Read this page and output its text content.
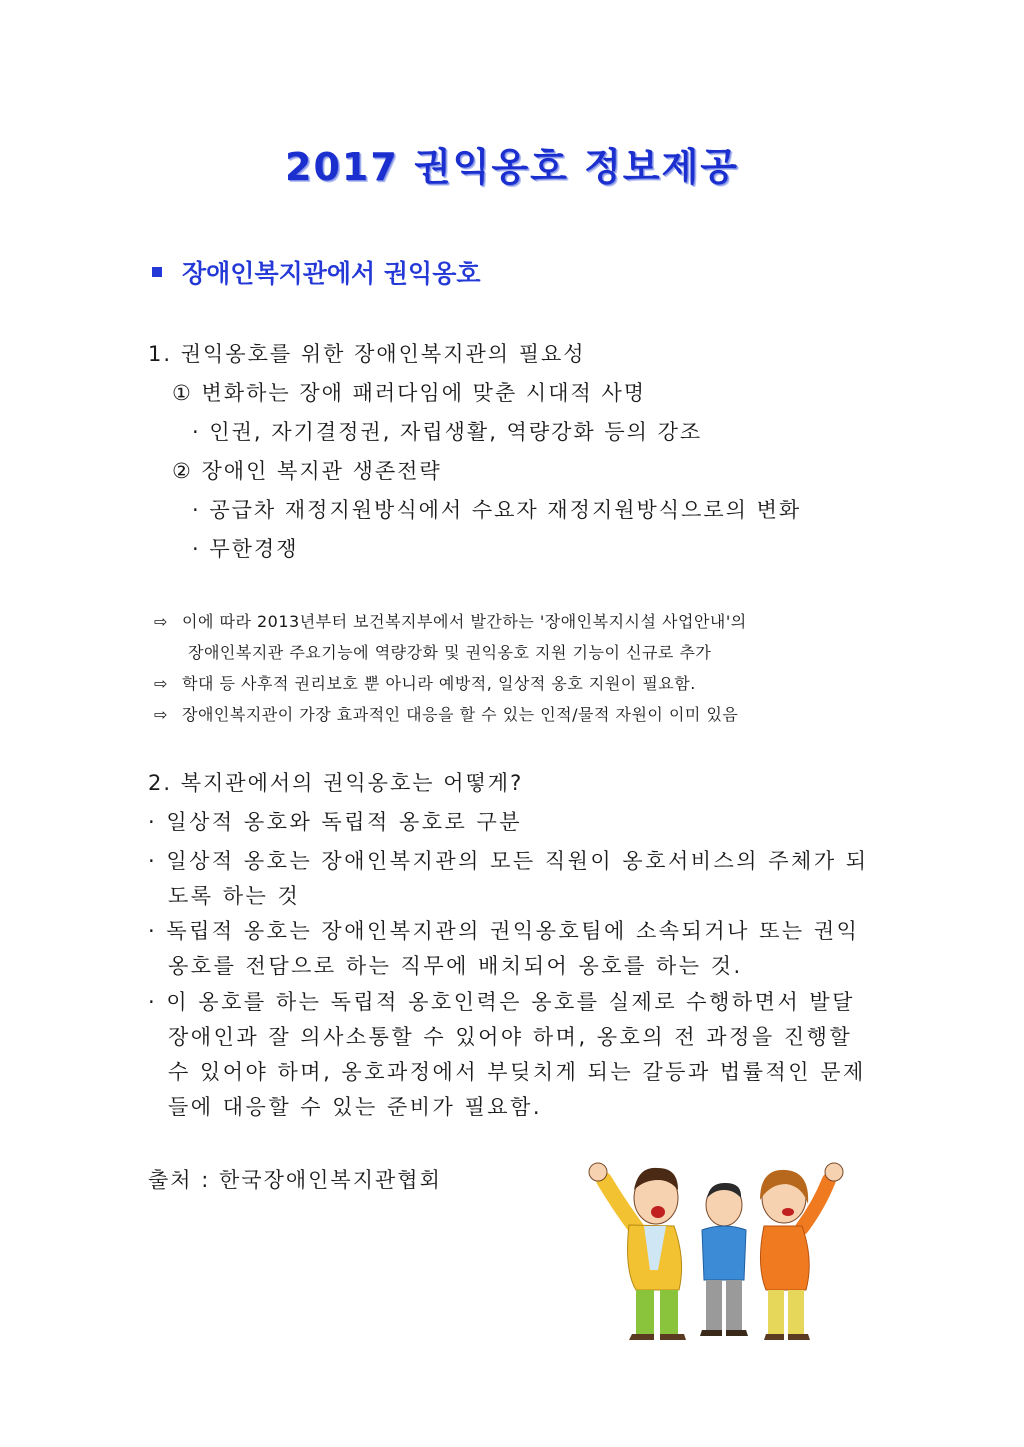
2017 권익옹호 정보제공
장애인복지관에서 권익옹호
1. 권익옹호를 위한 장애인복지관의 필요성
① 변화하는 장애 패러다임에 맞춘 시대적 사명
· 인권, 자기결정권, 자립생활, 역량강화 등의 강조
② 장애인 복지관 생존전략
· 공급차 재정지원방식에서 수요자 재정지원방식으로의 변화
· 무한경쟁
⇨ 이에 따라 2013년부터 보건복지부에서 발간하는 '장애인복지시설 사업안내'의
장애인복지관 주요기능에 역량강화 및 권익옹호 지원 기능이 신규로 추가
⇨ 학대 등 사후적 권리보호 뿐 아니라 예방적, 일상적 옹호 지원이 필요함.
⇨ 장애인복지관이 가장 효과적인 대응을 할 수 있는 인적/물적 자원이 이미 있음
2. 복지관에서의 권익옹호는 어떻게?
· 일상적 옹호와 독립적 옹호로 구분
· 일상적 옹호는 장애인복지관의 모든 직원이 옹호서비스의 주체가 되
도록 하는 것
· 독립적 옹호는 장애인복지관의 권익옹호팀에 소속되거나 또는 권익
옹호를 전담으로 하는 직무에 배치되어 옹호를 하는 것.
· 이 옹호를 하는 독립적 옹호인력은 옹호를 실제로 수행하면서 발달
장애인과 잘 의사소통할 수 있어야 하며, 옹호의 전 과정을 진행할
수 있어야 하며, 옹호과정에서 부딪치게 되는 갈등과 법률적인 문제
들에 대응할 수 있는 준비가 필요함.
출처 : 한국장애인복지관협회
